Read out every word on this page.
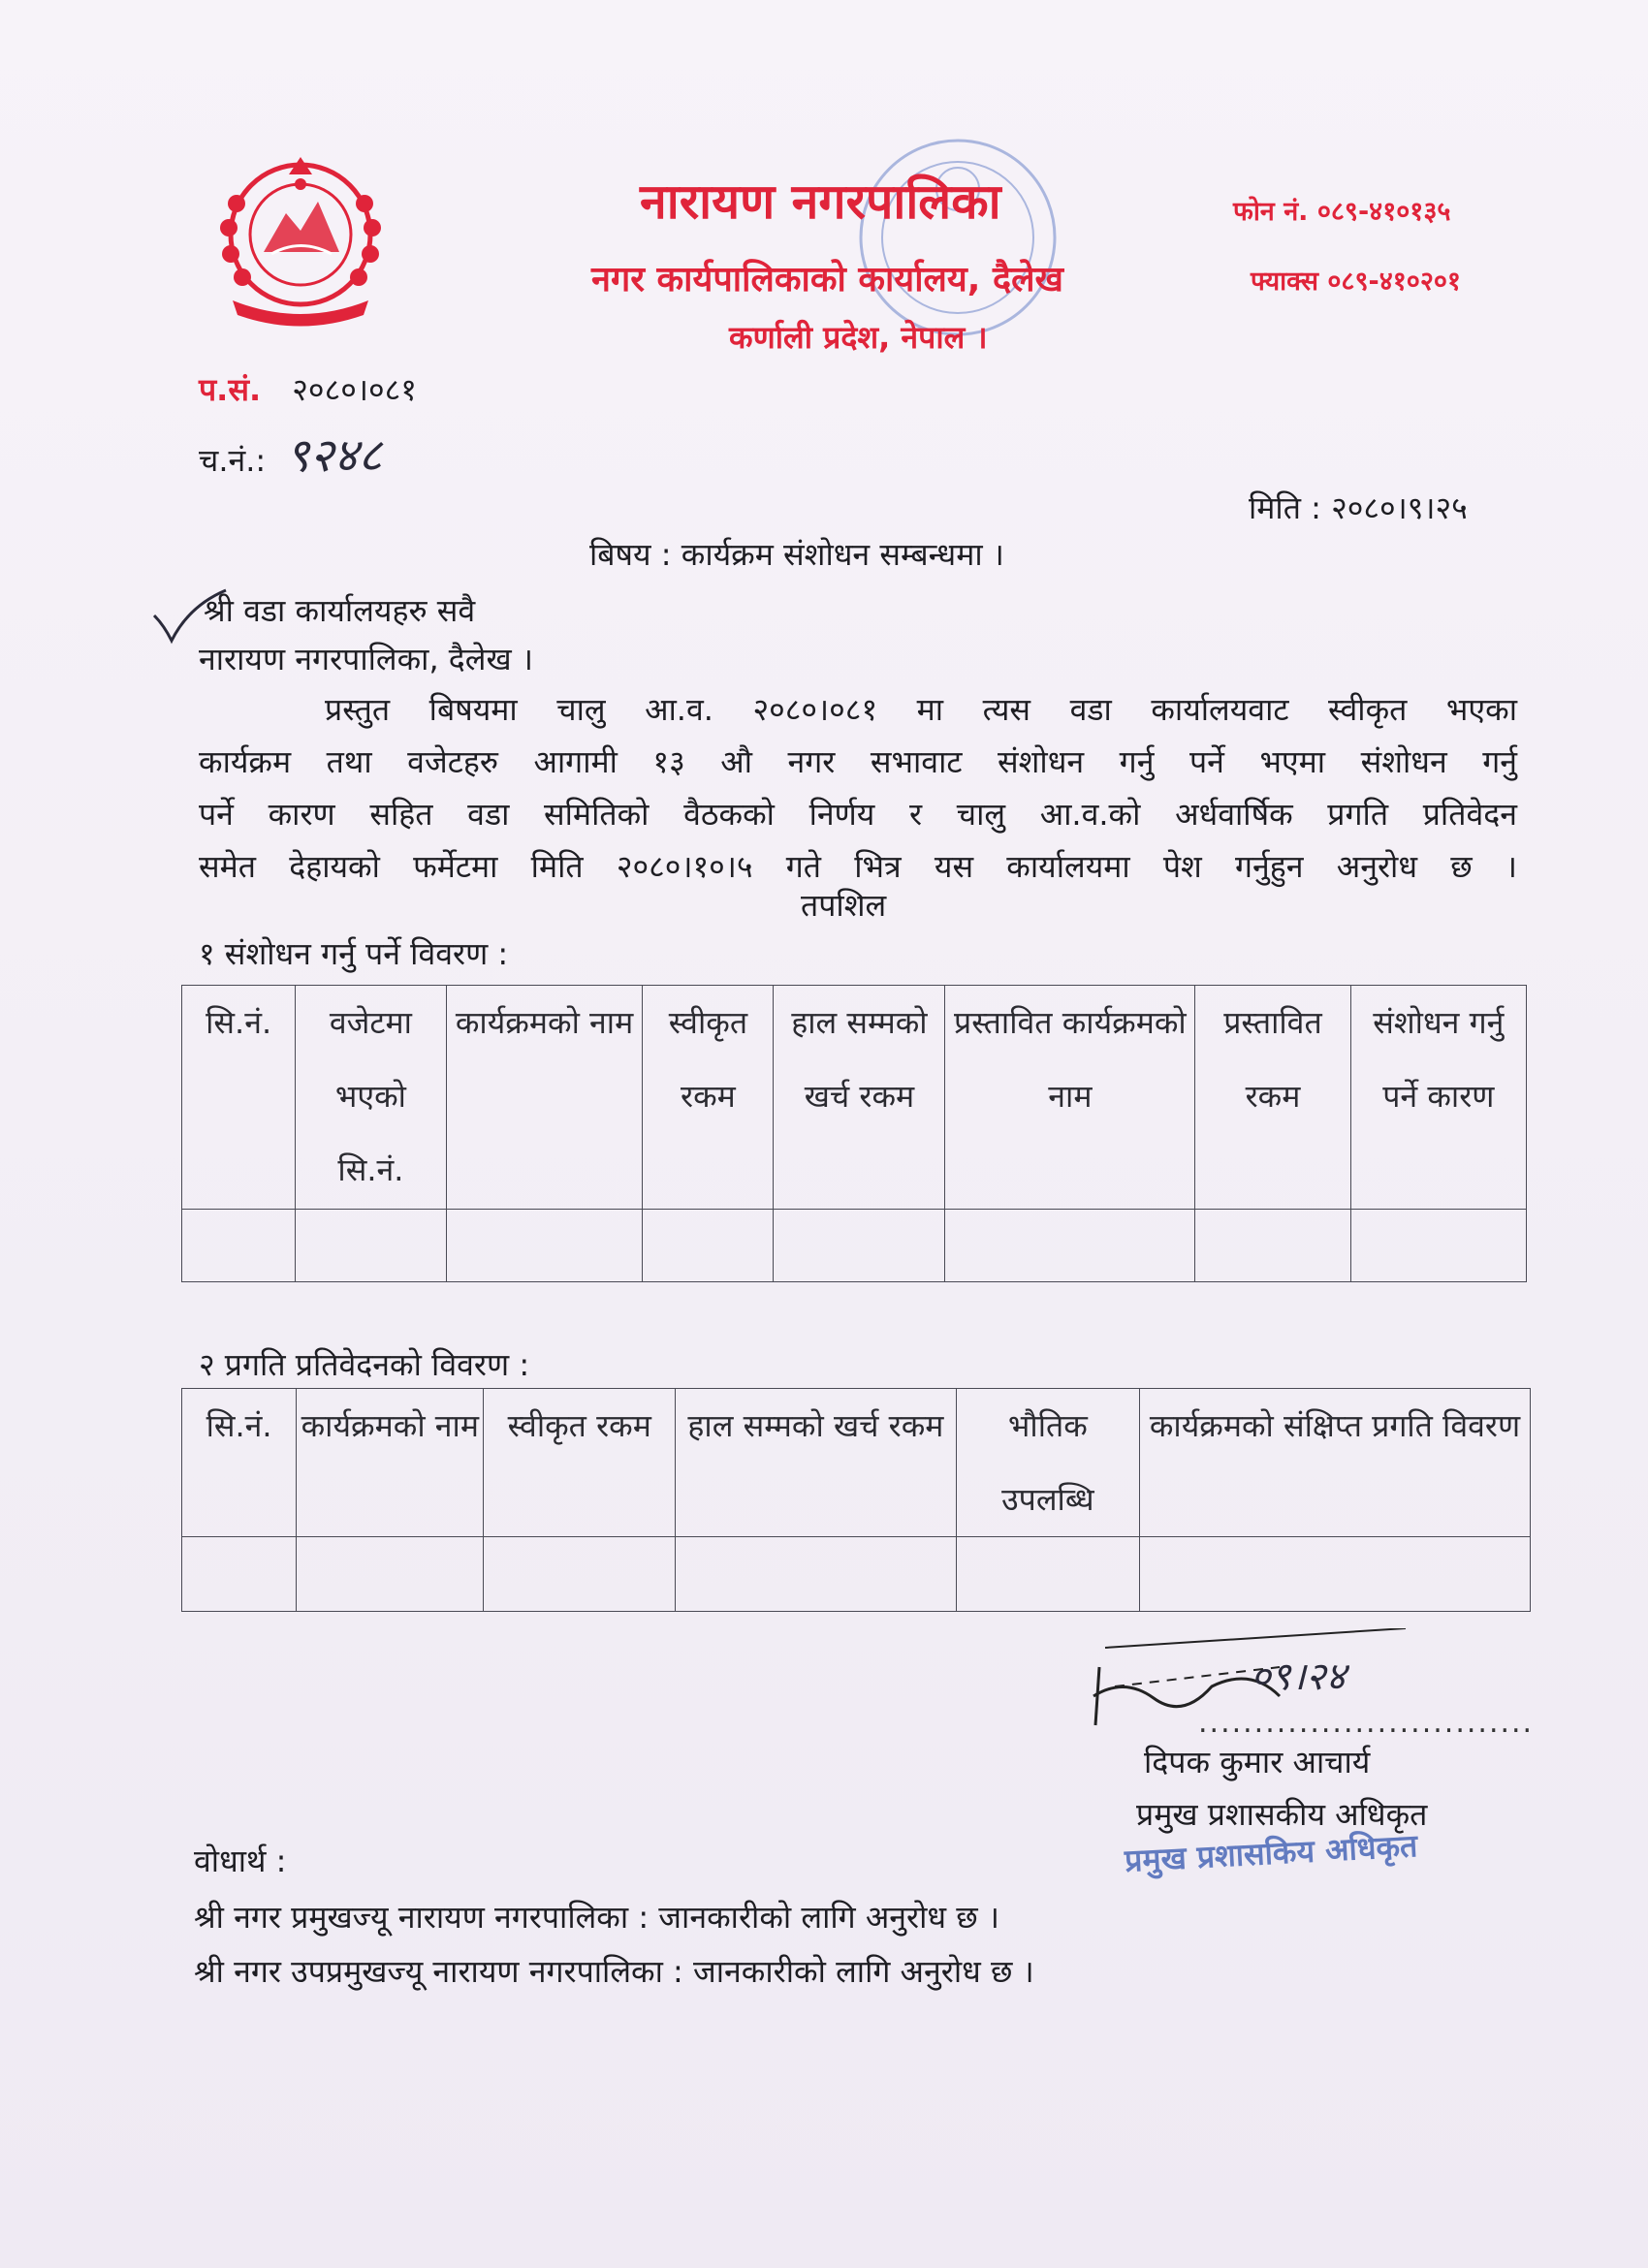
नारायण नगरपालिका
नगर कार्यपालिकाको कार्यालय, दैलेख
कर्णाली प्रदेश, नेपाल ।
फोन नं. ०८९-४१०१३५
फ्याक्स ०८९-४१०२०१
प.सं. २०८०।०८१
च.नं.: ९२४८
मिति : २०८०।९।२५
बिषय : कार्यक्रम संशोधन सम्बन्धमा ।
श्री वडा कार्यालयहरु सवै
नारायण नगरपालिका, दैलेख ।
प्रस्तुत बिषयमा चालु आ.व. २०८०।०८१ मा त्यस वडा कार्यालयवाट स्वीकृत भएका
कार्यक्रम तथा वजेटहरु आगामी १३ औ नगर सभावाट संशोधन गर्नु पर्ने भएमा संशोधन गर्नु
पर्ने कारण सहित वडा समितिको वैठकको निर्णय र चालु आ.व.को अर्धवार्षिक प्रगति प्रतिवेदन
समेत देहायको फर्मेटमा मिति २०८०।१०।५ गते भित्र यस कार्यालयमा पेश गर्नुहुन अनुरोध छ ।
तपशिल
१ संशोधन गर्नु पर्ने विवरण :
सि.नं.	वजेटमा भएको सि.नं.	कार्यक्रमको नाम	स्वीकृत रकम	हाल सम्मको खर्च रकम	प्रस्तावित कार्यक्रमको नाम	प्रस्तावित रकम	संशोधन गर्नु पर्ने कारण

२ प्रगति प्रतिवेदनको विवरण :
सि.नं.	कार्यक्रमको नाम	स्वीकृत रकम	हाल सम्मको खर्च रकम	भौतिक उपलब्धि	कार्यक्रमको संक्षिप्त प्रगति विवरण

०९।२४
..............................
दिपक कुमार आचार्य
प्रमुख प्रशासकीय अधिकृत
प्रमुख प्रशासकिय अधिकृत
वोधार्थ :
श्री नगर प्रमुखज्यू नारायण नगरपालिका : जानकारीको लागि अनुरोध छ ।
श्री नगर उपप्रमुखज्यू नारायण नगरपालिका : जानकारीको लागि अनुरोध छ ।
